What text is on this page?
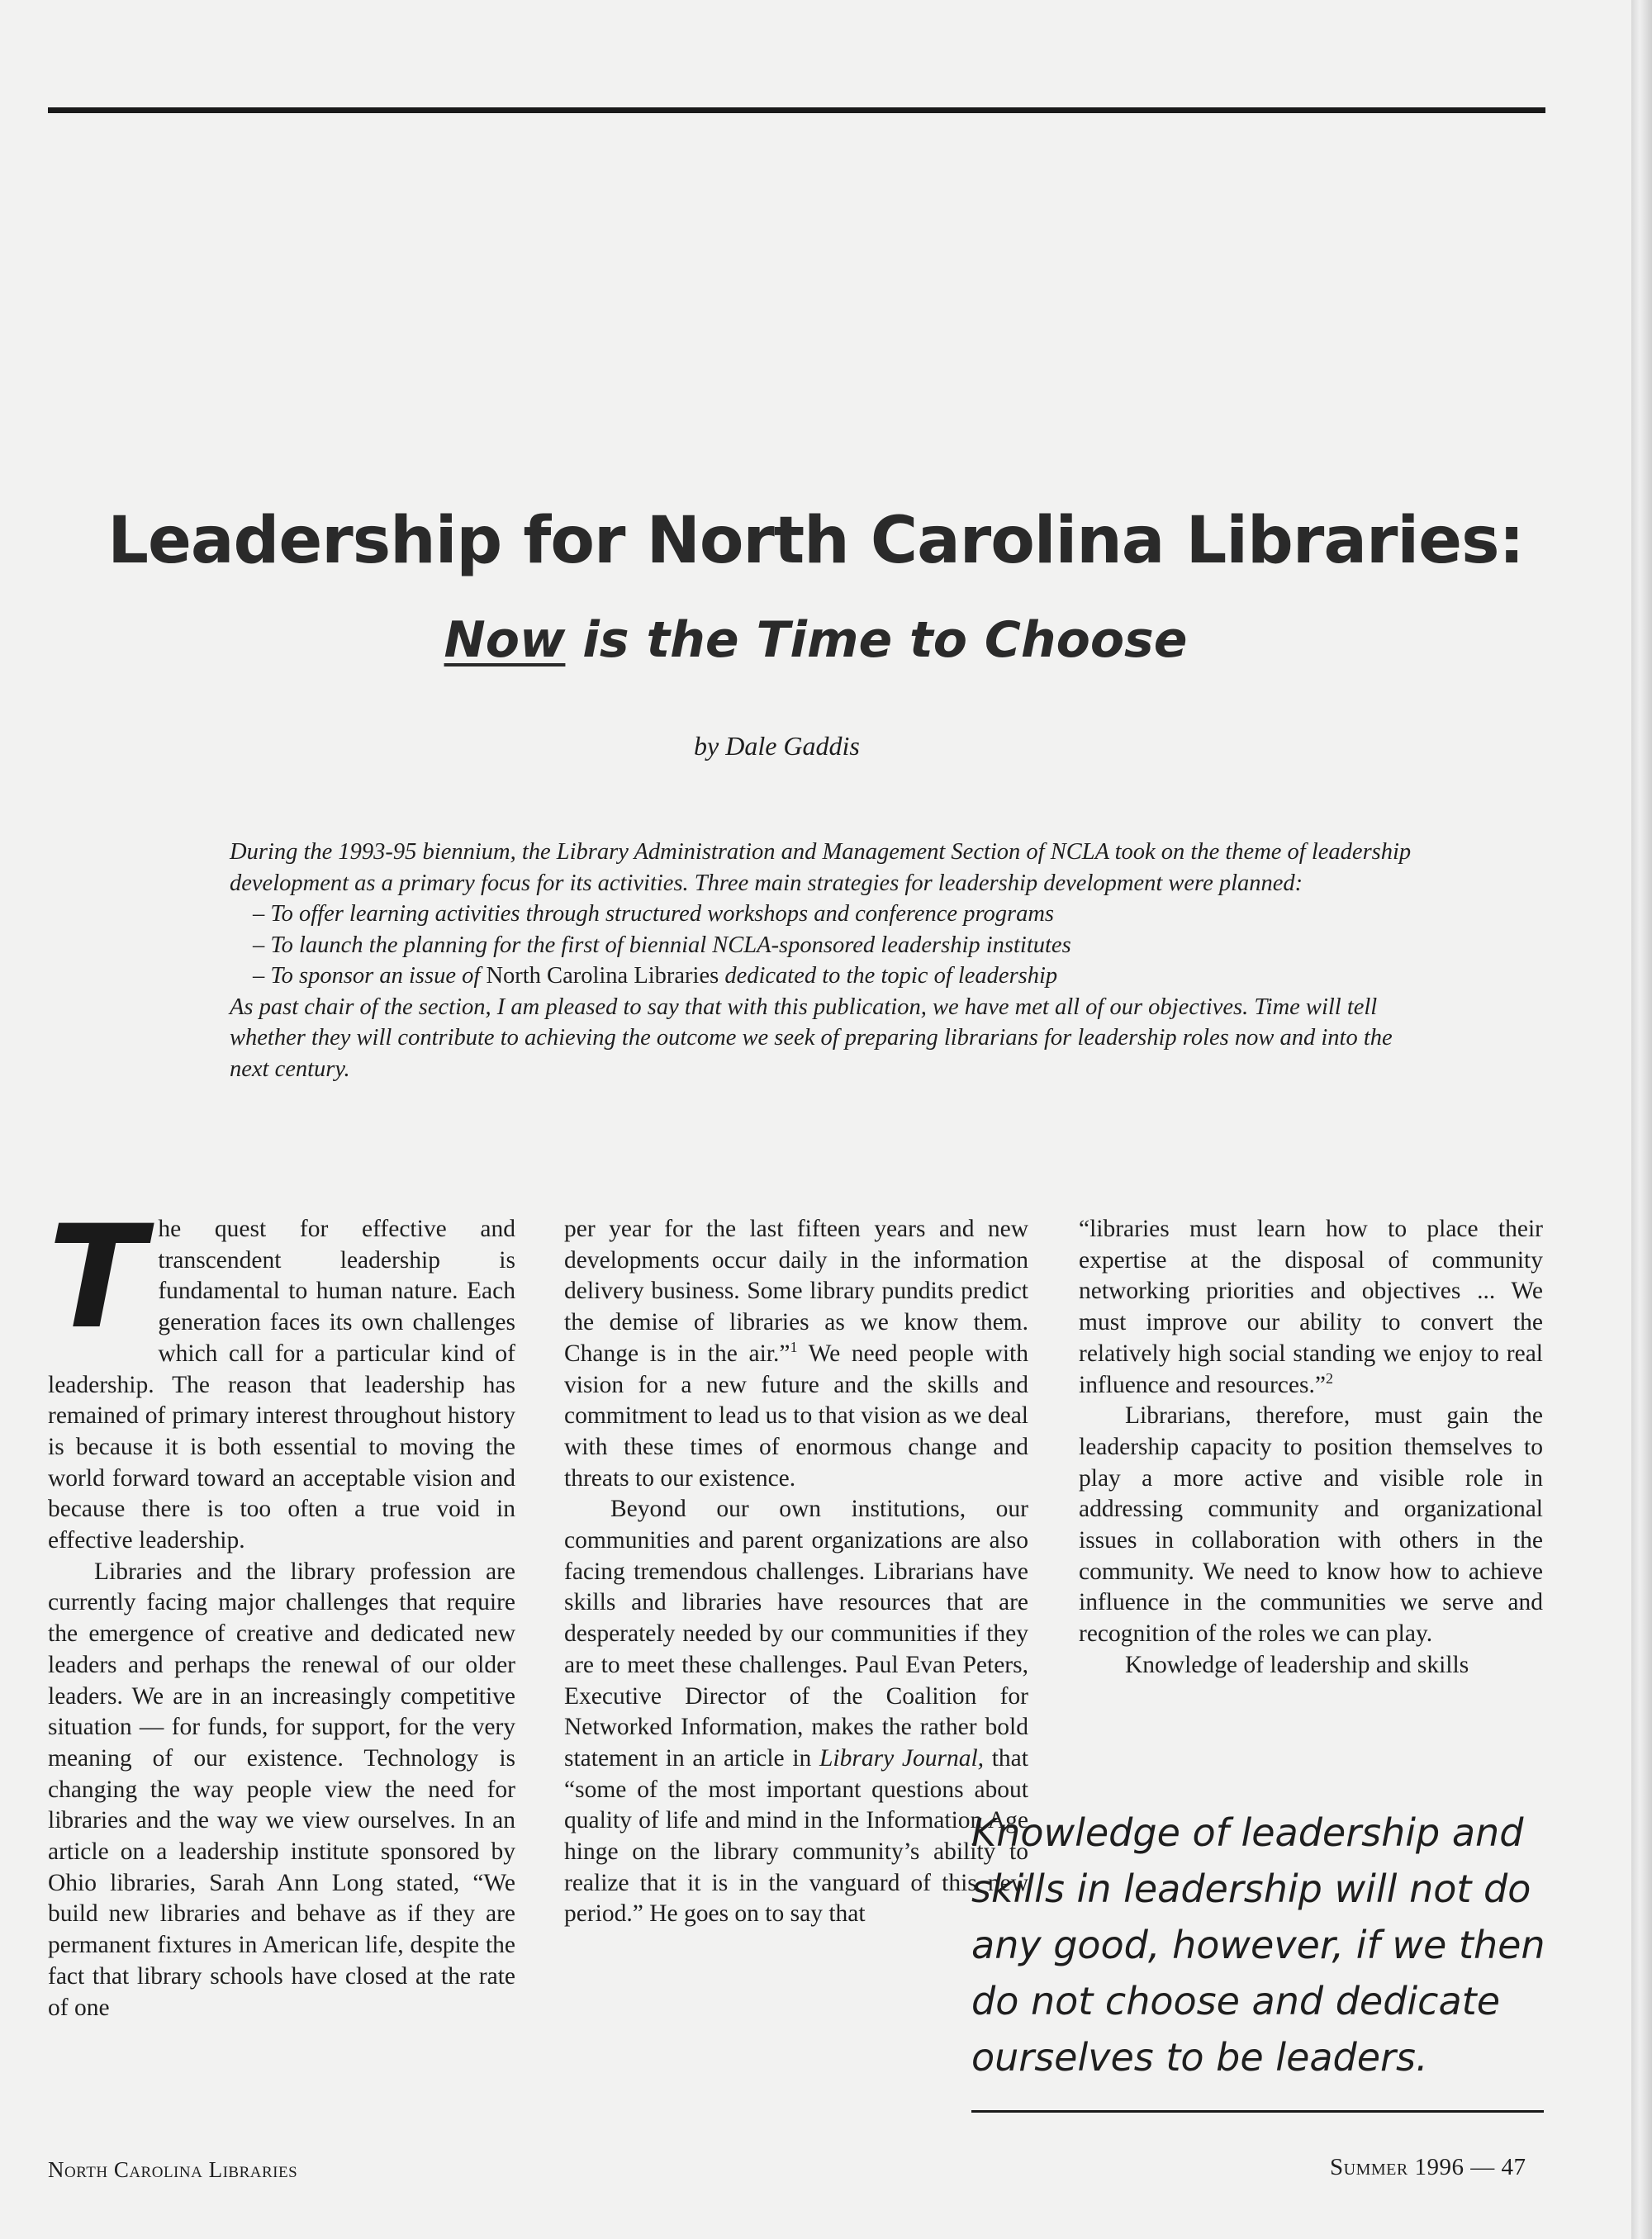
Leadership for North Carolina Libraries:
Now is the Time to Choose
by Dale Gaddis

During the 1993-95 biennium, the Library Administration and Management Section of NCLA took on the theme of leadership development as a primary focus for its activities. Three main strategies for leadership development were planned:

– To offer learning activities through structured workshops and conference programs

– To launch the planning for the first of biennial NCLA-sponsored leadership institutes

– To sponsor an issue of North Carolina Libraries dedicated to the topic of leadership

As past chair of the section, I am pleased to say that with this publication, we have met all of our objectives. Time will tell whether they will contribute to achieving the outcome we seek of preparing librarians for leadership roles now and into the next century.

The quest for effective and transcendent leadership is fundamental to human nature. Each generation faces its own challenges which call for a particular kind of leadership. The reason that leadership has remained of primary interest throughout history is because it is both essential to moving the world forward toward an acceptable vision and because there is too often a true void in effective leadership.

Libraries and the library profession are currently facing major challenges that require the emergence of creative and dedicated new leaders and perhaps the renewal of our older leaders. We are in an increasingly competitive situation — for funds, for support, for the very meaning of our existence. Technology is changing the way people view the need for libraries and the way we view ourselves. In an article on a leadership institute sponsored by Ohio libraries, Sarah Ann Long stated, “We build new libraries and behave as if they are permanent fixtures in American life, despite the fact that library schools have closed at the rate of one

per year for the last fifteen years and new developments occur daily in the information delivery business. Some library pundits predict the demise of libraries as we know them. Change is in the air.”$^1$ We need people with vision for a new future and the skills and commitment to lead us to that vision as we deal with these times of enormous change and threats to our existence.

Beyond our own institutions, our communities and parent organizations are also facing tremendous challenges. Librarians have skills and libraries have resources that are desperately needed by our communities if they are to meet these challenges. Paul Evan Peters, Executive Director of the Coalition for Networked Information, makes the rather bold statement in an article in Library Journal, that “some of the most important questions about quality of life and mind in the Information Age hinge on the library community’s ability to realize that it is in the vanguard of this new period.” He goes on to say that

“libraries must learn how to place their expertise at the disposal of community networking priorities and objectives ... We must improve our ability to convert the relatively high social standing we enjoy to real influence and resources.”$^2$

Librarians, therefore, must gain the leadership capacity to position themselves to play a more active and visible role in addressing community and organizational issues in collaboration with others in the community. We need to know how to achieve influence in the communities we serve and recognition of the roles we can play.

Knowledge of leadership and skills

Knowledge of leadership and skills in leadership will not do any good, however, if we then do not choose and dedicate ourselves to be leaders.
North Carolina Libraries	Summer 1996 — 47
